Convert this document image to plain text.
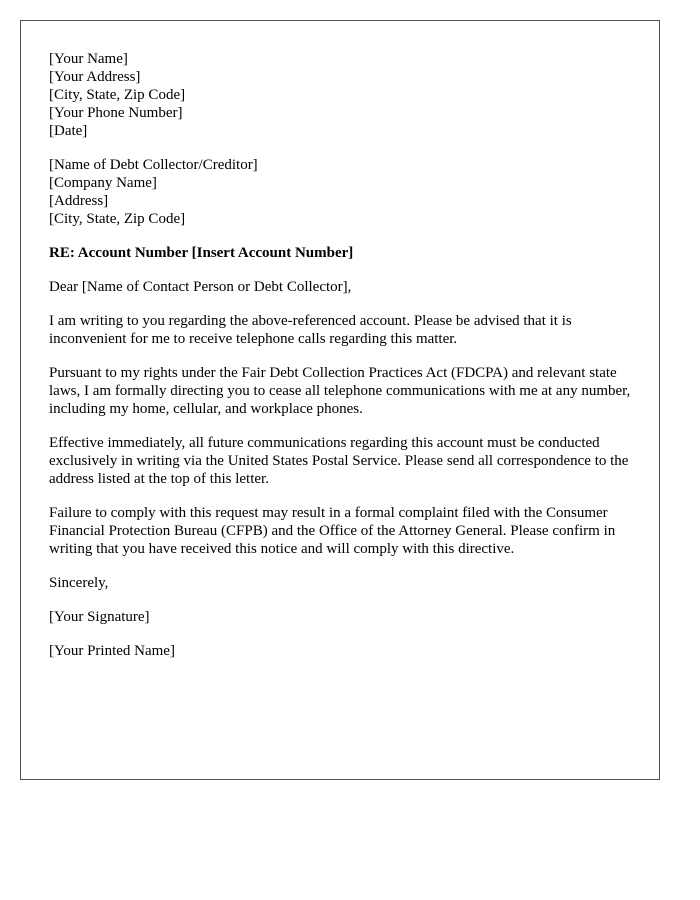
[Your Name]
[Your Address]
[City, State, Zip Code]
[Your Phone Number]
[Date]
[Name of Debt Collector/Creditor]
[Company Name]
[Address]
[City, State, Zip Code]

RE: Account Number [Insert Account Number]

Dear [Name of Contact Person or Debt Collector],

I am writing to you regarding the above-referenced account. Please be advised that it is inconvenient for me to receive telephone calls regarding this matter.

Pursuant to my rights under the Fair Debt Collection Practices Act (FDCPA) and relevant state laws, I am formally directing you to cease all telephone communications with me at any number, including my home, cellular, and workplace phones.

Effective immediately, all future communications regarding this account must be conducted exclusively in writing via the United States Postal Service. Please send all correspondence to the address listed at the top of this letter.

Failure to comply with this request may result in a formal complaint filed with the Consumer Financial Protection Bureau (CFPB) and the Office of the Attorney General. Please confirm in writing that you have received this notice and will comply with this directive.

Sincerely,

[Your Signature]

[Your Printed Name]
